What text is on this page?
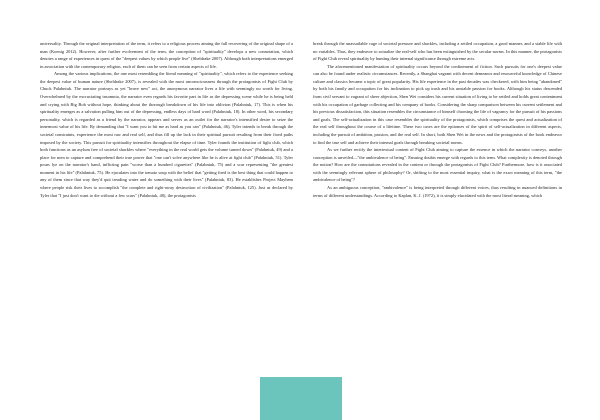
universality. Through the original interpretation of the term, it refers to a religious process aiming the full recovering of the original shape of a man (Koenig 2012). However, after further evolvement of the term, the conception of "spirituality" develops a new connotation, which denotes a range of experiences in quest of the "deepest values by which people live" (Sheldrake 2007). Although both interpretations emerged in association with the contemporary religion, each of them can be seen from certain aspects of life.

Among the various implications, the one most resembling the literal meaning of "spirituality", which refers to the experience seeking the deepest value of human nature (Sheldrake 2007), is revealed with the most unconsciousness through the protagonists of Fight Club by Chuck Palahniuk. The narrator portrays as yet "brave new" act, the anonymous narrator lives a life with seemingly no worth for living. Overwhelmed by the excruciating insomnia, the narrator even regards his favorite part in life as the depressing scene while he is being held and crying with Big Bob without hope, thinking about the thorough breakdown of his life into oblivion (Palahniuk, 17). This is when his spirituality emerges as a salvation pulling him out of the depressing, endless days of hard word (Palahniuk, 18). In other word, his secondary personality, which is regarded as a friend by the narrator, appears and serves as an outlet for the narrator's intensified desire to seize the innermost value of his life. By demanding that "I want you to hit me as hard as you can" (Palahniuk, 46), Tyler intends to break through the societal constraints, experience the most raw and real self, and thus fill up the lack in their spiritual pursuit resulting from their fixed paths imposed by the society. This pursuit for spirituality intensifies throughout the elapse of time. Tyler founds the institution of fight club, which both functions as an asylum free of societal shackles where "everything in the real world gets the volume turned down" (Palahniuk, 49) and a place for men to capture and comprehend their true power that "one can't solve anywhere like he is alive at fight club" (Palahniuk, 51). Tyler pours lye on the narrator's hand, inflicting pain "worse than a hundred cigarettes" (Palahniuk, 75) and a scar representing "the greatest moment in his life" (Palahniuk, 75). He ejaculates into the tomato soup with the belief that "getting fired is the best thing that could happen to any of them since that way they'd quit treading water and do something with their lives" (Palahniuk, 83). He establishes Project Mayhem where people risk their lives to accomplish "the complete and right-away destruction of civilization" (Palahniuk, 125). Just as declared by Tyler that "I just don't want to die without a few scars" (Palahniuk, 48), the protagonists

break through the unassailable cage of societal pressure and shackles, including a settled occupation, a good manner, and a stable life with no variables. Thus, they endeavor to actualize the real-self who has been extinguished by the secular norms. In this manner, the protagonists of Fight Club reveal spirituality by hunting their internal significance through extreme acts.

The aforementioned manifestation of spirituality occurs beyond the confinement of fiction. Such pursuits for one's deepest value can also be found under realistic circumstances. Recently, a Shanghai vagrant with decent demeanor and resourceful knowledge of Chinese culture and classics became a topic of great popularity. His life experience in the past decades was checkered, with him being "abandoned" by both his family and occupation for his inclination to pick up trash and his unstable passion for books. Although his status descended from civil servant to vagrant of sheer abjection, Shen Wei considers his current situation of living to be settled and holds great contentment with his occupation of garbage collecting and his company of books. Considering the sharp comparison between his current settlement and his previous dissatisfaction, this situation resembles the circumstance of himself choosing the life of vagrancy for the pursuit of his passions and goals. The self-actualization in this case resembles the spirituality of the protagonists, which comprises the quest and actualization of the real self throughout the course of a lifetime. These two cases are the epitomes of the spirit of self-actualization in different aspects, including the pursuit of ambition, passion, and the real self. In short, both Shen Wei in the news and the protagonists of the book endeavor to find the true self and achieve their internal goals through breaking societal norms.

As we further rectify the intertextual content of Fight Club aiming to capture the essence in which the narrator conveys, another conception is unveiled—"the ambivalence of being". Ensuing doubts emerge with regards to this term. What complexity is denoted through the notion? How are the connotations revealed in the content or through the protagonists of Fight Club? Furthermore, how is it associated with the seemingly relevant sphere of philosophy? Or, shifting to the most essential inquiry, what is the exact meaning of this term, "the ambivalence of being"?

As an ambiguous conception, "ambivalence" is being interpreted through different voices, thus resulting in nuanced definitions in terms of different understandings. According to Kaplan, K. J. (1972), it is simply elucidated with the most literal meaning, which
